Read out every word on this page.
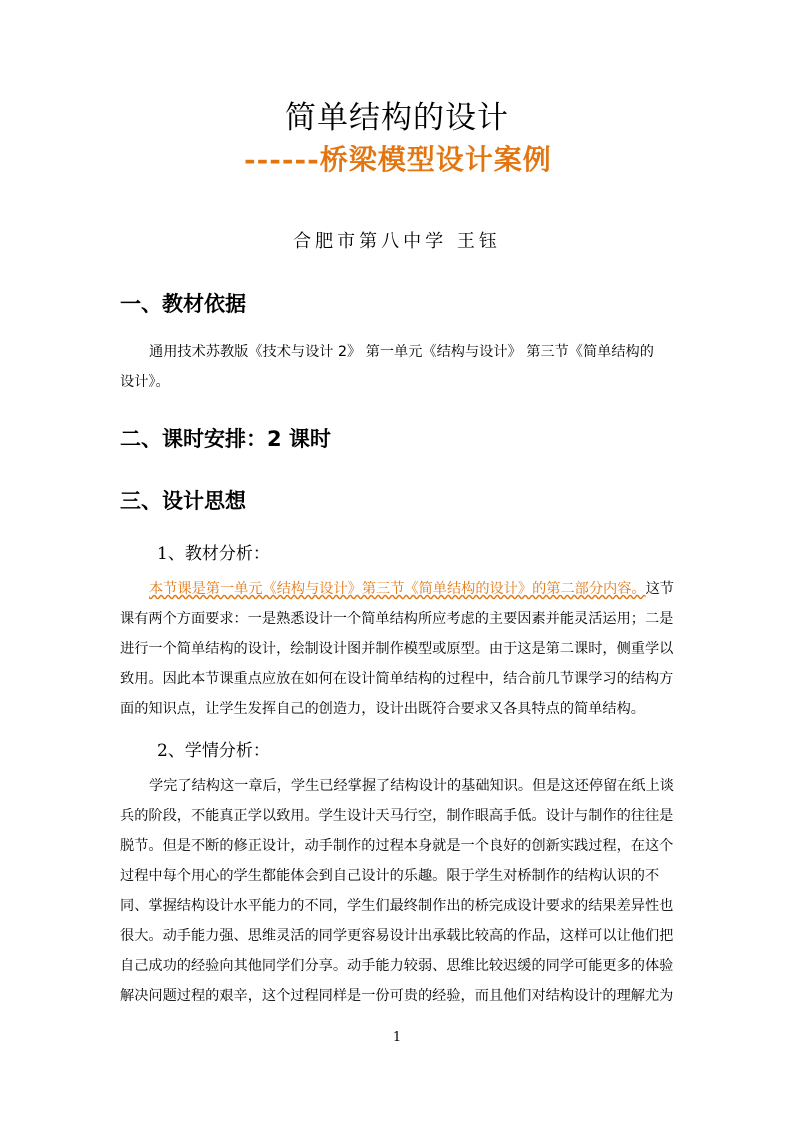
简单结构的设计
------桥梁模型设计案例
合肥市第八中学 王钰
一、教材依据
通用技术苏教版《技术与设计 2》 第一单元《结构与设计》 第三节《简单结构的
设计》。
二、课时安排：2 课时
三、设计思想
1、教材分析：
本节课是第一单元《结构与设计》第三节《简单结构的设计》的第二部分内容。这节
课有两个方面要求：一是熟悉设计一个简单结构所应考虑的主要因素并能灵活运用；二是
进行一个简单结构的设计，绘制设计图并制作模型或原型。由于这是第二课时，侧重学以
致用。因此本节课重点应放在如何在设计简单结构的过程中，结合前几节课学习的结构方
面的知识点，让学生发挥自己的创造力，设计出既符合要求又各具特点的简单结构。
2、学情分析：
学完了结构这一章后，学生已经掌握了结构设计的基础知识。但是这还停留在纸上谈
兵的阶段，不能真正学以致用。学生设计天马行空，制作眼高手低。设计与制作的往往是
脱节。但是不断的修正设计，动手制作的过程本身就是一个良好的创新实践过程，在这个
过程中每个用心的学生都能体会到自己设计的乐趣。限于学生对桥制作的结构认识的不
同、掌握结构设计水平能力的不同，学生们最终制作出的桥完成设计要求的结果差异性也
很大。动手能力强、思维灵活的同学更容易设计出承载比较高的作品，这样可以让他们把
自己成功的经验向其他同学们分享。动手能力较弱、思维比较迟缓的同学可能更多的体验
解决问题过程的艰辛，这个过程同样是一份可贵的经验，而且他们对结构设计的理解尤为
1
